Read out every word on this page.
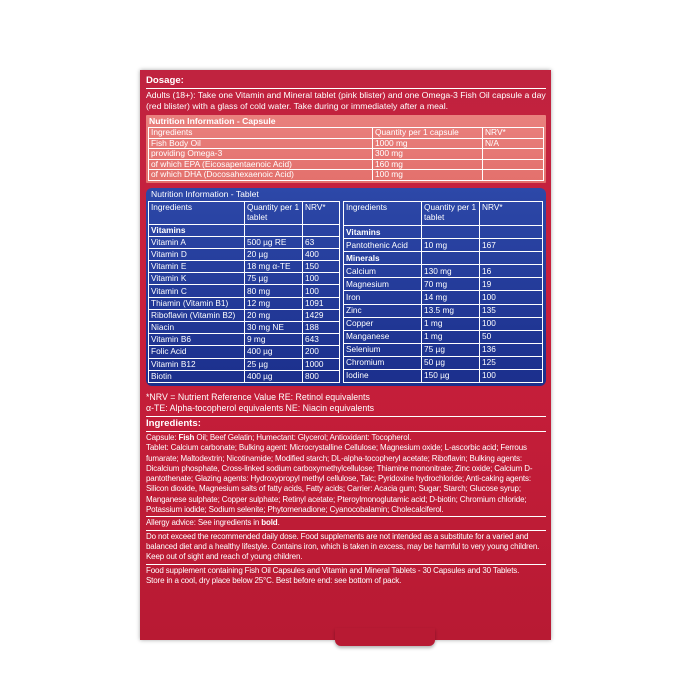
Dosage:

Adults (18+): Take one Vitamin and Mineral tablet (pink blister) and one Omega-3 Fish Oil capsule a day (red blister) with a glass of cold water. Take during or immediately after a meal.

Nutrition Information - Capsule
Ingredients	Quantity per 1 capsule	NRV*
Fish Body Oil	1000 mg	N/A
providing Omega-3	300 mg	
of which EPA (Eicosapentaenoic Acid)	160 mg	
of which DHA (Docosahexaenoic Acid)	100 mg	
Nutrition Information - Tablet
Ingredients	Quantity per 1 tablet	NRV*
Vitamins		
Vitamin A	500 µg RE	63
Vitamin D	20 µg	400
Vitamin E	18 mg α-TE	150
Vitamin K	75 µg	100
Vitamin C	80 mg	100
Thiamin (Vitamin B1)	12 mg	1091
Riboflavin (Vitamin B2)	20 mg	1429
Niacin	30 mg NE	188
Vitamin B6	9 mg	643
Folic Acid	400 µg	200
Vitamin B12	25 µg	1000
Biotin	400 µg	800
Ingredients	Quantity per 1 tablet	NRV*
Vitamins		
Pantothenic Acid	10 mg	167
Minerals		
Calcium	130 mg	16
Magnesium	70 mg	19
Iron	14 mg	100
Zinc	13.5 mg	135
Copper	1 mg	100
Manganese	1 mg	50
Selenium	75 µg	136
Chromium	50 µg	125
Iodine	150 µg	100

*NRV = Nutrient Reference Value RE: Retinol equivalents

α-TE: Alpha-tocopherol equivalents NE: Niacin equivalents

Ingredients:

Capsule: Fish Oil; Beef Gelatin; Humectant: Glycerol; Antioxidant: Tocopherol.

Tablet: Calcium carbonate; Bulking agent: Microcrystalline Cellulose; Magnesium oxide; L-ascorbic acid; Ferrous fumarate; Maltodextrin; Nicotinamide; Modified starch; DL-alpha-tocopheryl acetate; Riboflavin; Bulking agents: Dicalcium phosphate, Cross-linked sodium carboxymethylcellulose; Thiamine mononitrate; Zinc oxide; Calcium D-pantothenate; Glazing agents: Hydroxypropyl methyl cellulose, Talc; Pyridoxine hydrochloride; Anti-caking agents: Silicon dioxide, Magnesium salts of fatty acids, Fatty acids; Carrier: Acacia gum; Sugar; Starch; Glucose syrup; Manganese sulphate; Copper sulphate; Retinyl acetate; Pteroylmonoglutamic acid; D-biotin; Chromium chloride; Potassium iodide; Sodium selenite; Phytomenadione; Cyanocobalamin; Cholecalciferol.

Allergy advice: See ingredients in bold.

Do not exceed the recommended daily dose. Food supplements are not intended as a substitute for a varied and balanced diet and a healthy lifestyle. Contains iron, which is taken in excess, may be harmful to very young children. Keep out of sight and reach of young children.

Food supplement containing Fish Oil Capsules and Vitamin and Mineral Tablets - 30 Capsules and 30 Tablets.

Store in a cool, dry place below 25°C. Best before end: see bottom of pack.
